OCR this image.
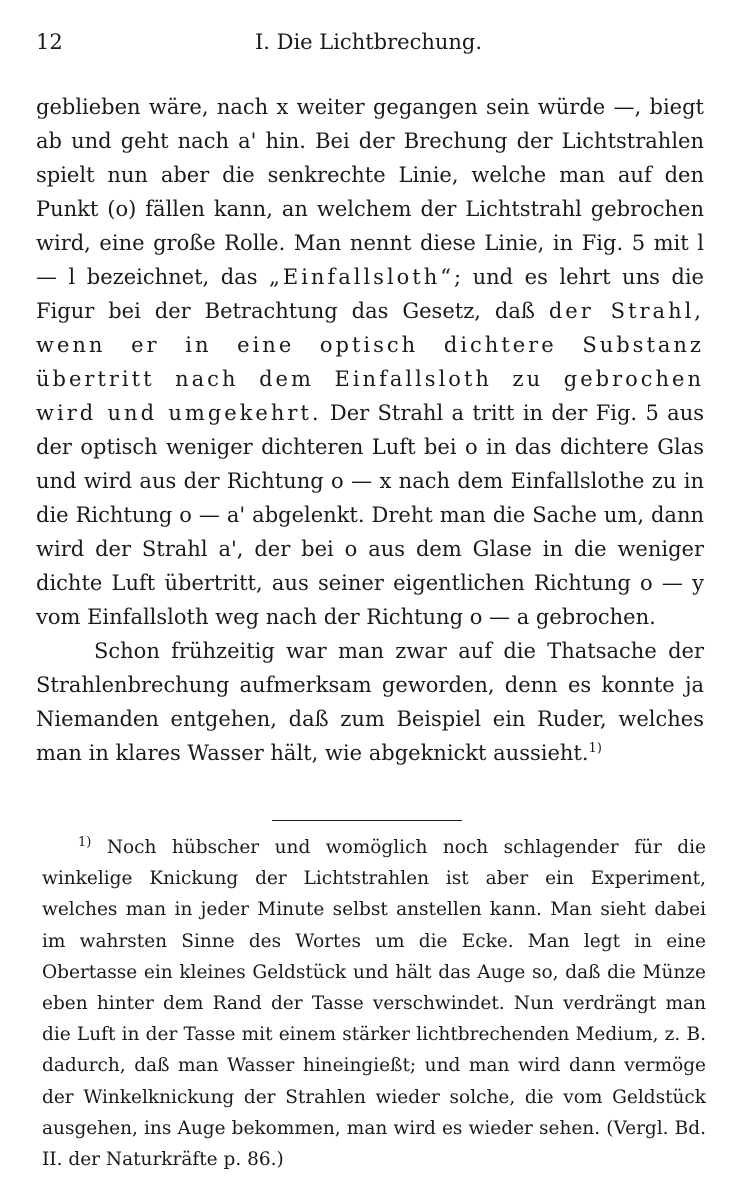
12	I. Die Lichtbrechung.

geblieben wäre, nach x weiter gegangen sein würde —, biegt ab und geht nach a' hin. Bei der Brechung der Lichtstrahlen spielt nun aber die senkrechte Linie, welche man auf den Punkt (o) fällen kann, an welchem der Lichtstrahl gebrochen wird, eine große Rolle. Man nennt diese Linie, in Fig. 5 mit l — l bezeichnet, das „Einfallsloth“; und es lehrt uns die Figur bei der Betrachtung das Gesetz, daß der Strahl, wenn er in eine optisch dichtere Substanz übertritt nach dem Einfallsloth zu gebrochen wird und umgekehrt. Der Strahl a tritt in der Fig. 5 aus der optisch weniger dichteren Luft bei o in das dichtere Glas und wird aus der Richtung o — x nach dem Einfallslothe zu in die Richtung o — a' abgelenkt. Dreht man die Sache um, dann wird der Strahl a', der bei o aus dem Glase in die weniger dichte Luft übertritt, aus seiner eigentlichen Richtung o — y vom Einfallsloth weg nach der Richtung o — a gebrochen.

Schon frühzeitig war man zwar auf die Thatsache der Strahlenbrechung aufmerksam geworden, denn es konnte ja Niemanden entgehen, daß zum Beispiel ein Ruder, welches man in klares Wasser hält, wie abgeknickt aussieht.$^{1)}$

$^{1)}$ Noch hübscher und womöglich noch schlagender für die winkelige Knickung der Lichtstrahlen ist aber ein Experiment, welches man in jeder Minute selbst anstellen kann. Man sieht dabei im wahrsten Sinne des Wortes um die Ecke. Man legt in eine Obertasse ein kleines Geldstück und hält das Auge so, daß die Münze eben hinter dem Rand der Tasse verschwindet. Nun verdrängt man die Luft in der Tasse mit einem stärker lichtbrechenden Medium, z. B. dadurch, daß man Wasser hineingießt; und man wird dann vermöge der Winkelknickung der Strahlen wieder solche, die vom Geldstück ausgehen, ins Auge bekommen, man wird es wieder sehen. (Vergl. Bd. II. der Naturkräfte p. 86.)
